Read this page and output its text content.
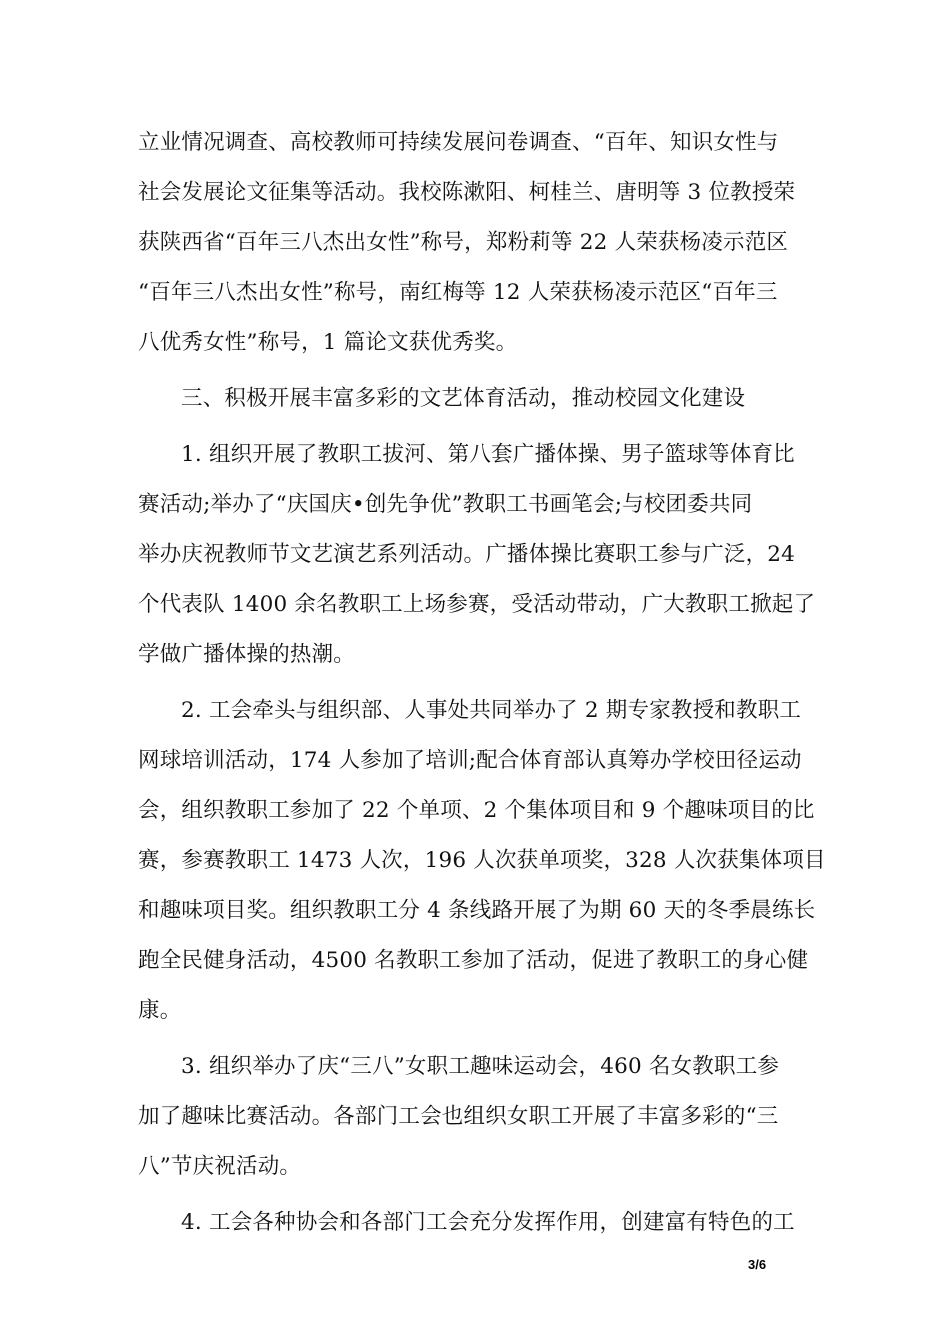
立业情况调查、高校教师可持续发展问卷调查、“百年、知识女性与
社会发展论文征集等活动。我校陈漱阳、柯桂兰、唐明等 3 位教授荣
获陕西省“百年三八杰出女性”称号，郑粉莉等 22 人荣获杨凌示范区
“百年三八杰出女性”称号，南红梅等 12 人荣获杨凌示范区“百年三
八优秀女性”称号，1 篇论文获优秀奖。
三、积极开展丰富多彩的文艺体育活动，推动校园文化建设
1. 组织开展了教职工拔河、第八套广播体操、男子篮球等体育比
赛活动;举办了“庆国庆•创先争优”教职工书画笔会;与校团委共同
举办庆祝教师节文艺演艺系列活动。广播体操比赛职工参与广泛，24
个代表队 1400 余名教职工上场参赛，受活动带动，广大教职工掀起了
学做广播体操的热潮。
2. 工会牵头与组织部、人事处共同举办了 2 期专家教授和教职工
网球培训活动，174 人参加了培训;配合体育部认真筹办学校田径运动
会，组织教职工参加了 22 个单项、2 个集体项目和 9 个趣味项目的比
赛，参赛教职工 1473 人次，196 人次获单项奖，328 人次获集体项目
和趣味项目奖。组织教职工分 4 条线路开展了为期 60 天的冬季晨练长
跑全民健身活动，4500 名教职工参加了活动，促进了教职工的身心健
康。
3. 组织举办了庆“三八”女职工趣味运动会，460 名女教职工参
加了趣味比赛活动。各部门工会也组织女职工开展了丰富多彩的“三
八”节庆祝活动。
4. 工会各种协会和各部门工会充分发挥作用，创建富有特色的工
3/6
